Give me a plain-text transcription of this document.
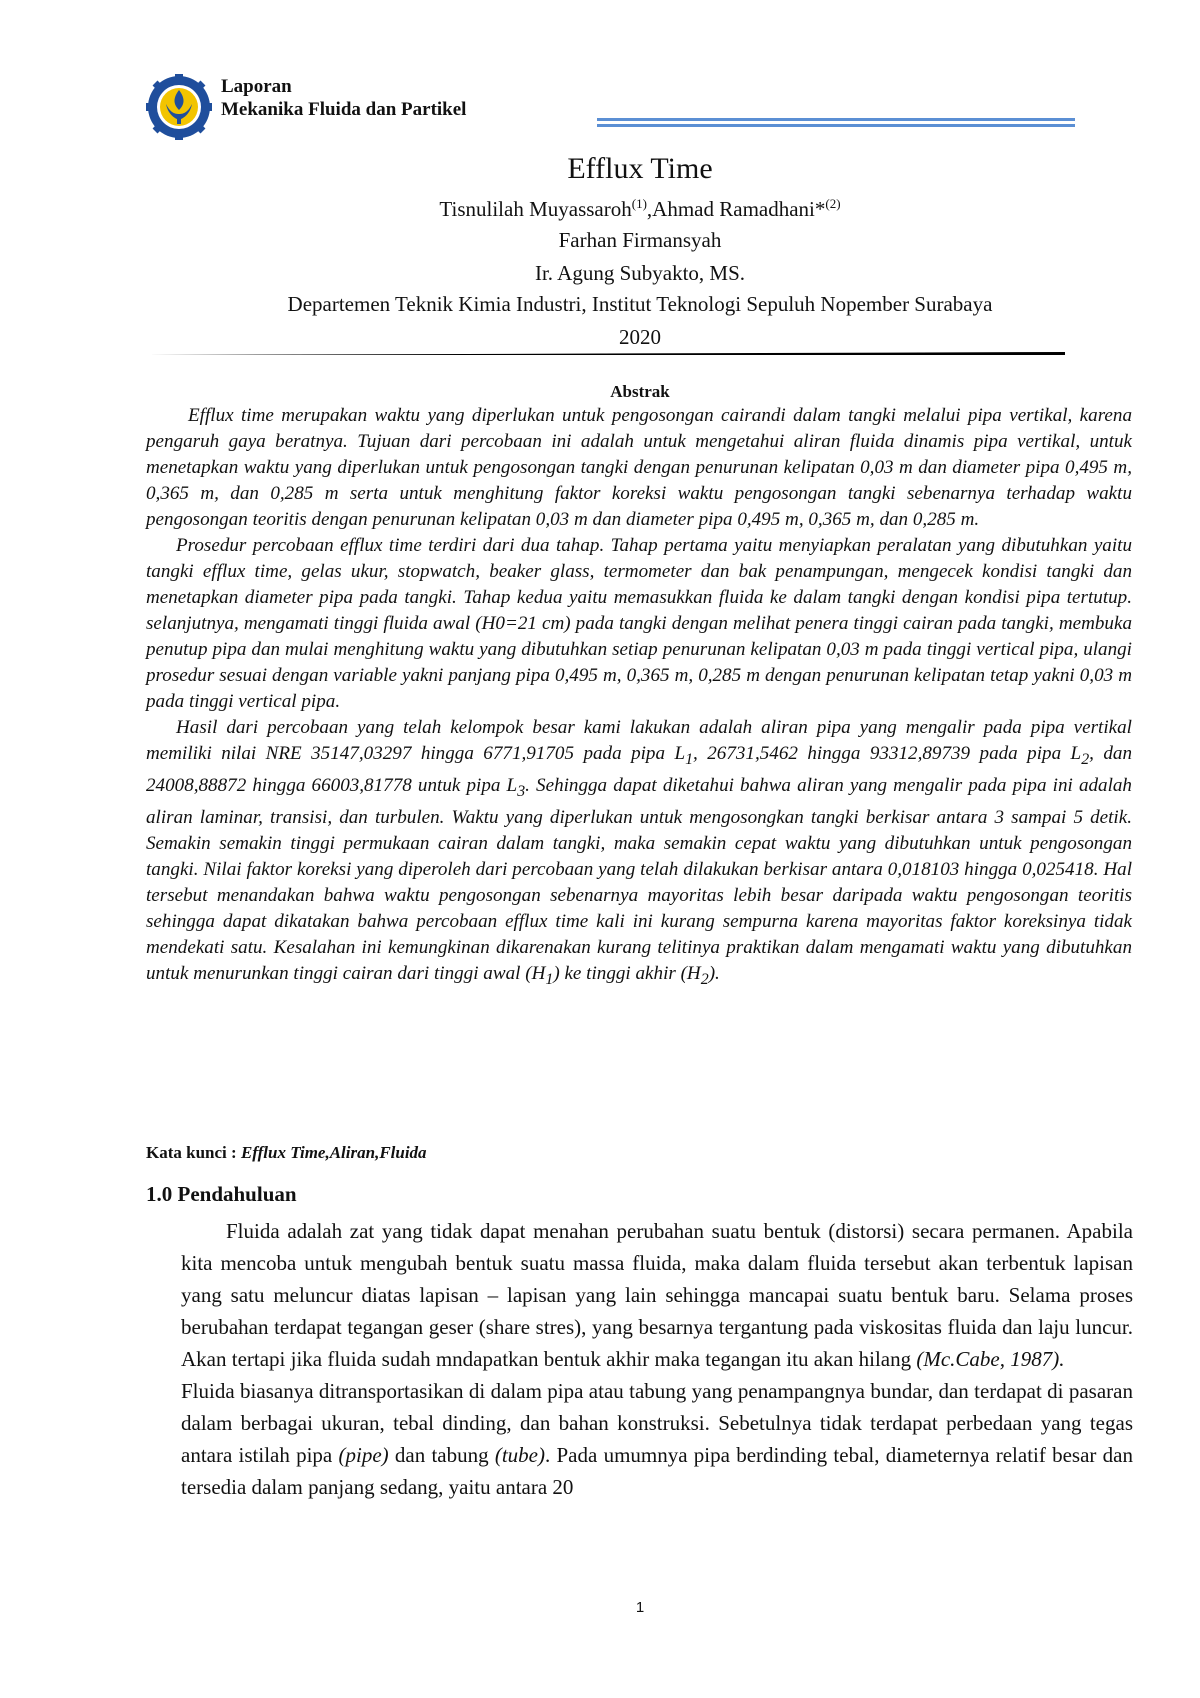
Laporan
Mekanika Fluida dan Partikel
Efflux Time
Tisnulilah Muyassaroh$^{(1)}$,Ahmad Ramadhani*$^{(2)}$
Farhan Firmansyah
Ir. Agung Subyakto, MS.
Departemen Teknik Kimia Industri, Institut Teknologi Sepuluh Nopember Surabaya
2020
Abstrak

Efflux time merupakan waktu yang diperlukan untuk pengosongan cairandi dalam tangki melalui pipa vertikal, karena pengaruh gaya beratnya. Tujuan dari percobaan ini adalah untuk mengetahui aliran fluida dinamis pipa vertikal, untuk menetapkan waktu yang diperlukan untuk pengosongan tangki dengan penurunan kelipatan 0,03 m dan diameter pipa 0,495 m, 0,365 m, dan 0,285 m serta untuk menghitung faktor koreksi waktu pengosongan tangki sebenarnya terhadap waktu pengosongan teoritis dengan penurunan kelipatan 0,03 m dan diameter pipa 0,495 m, 0,365 m, dan 0,285 m.

Prosedur percobaan efflux time terdiri dari dua tahap. Tahap pertama yaitu menyiapkan peralatan yang dibutuhkan yaitu tangki efflux time, gelas ukur, stopwatch, beaker glass, termometer dan bak penampungan, mengecek kondisi tangki dan menetapkan diameter pipa pada tangki. Tahap kedua yaitu memasukkan fluida ke dalam tangki dengan kondisi pipa tertutup. selanjutnya, mengamati tinggi fluida awal (H0=21 cm) pada tangki dengan melihat penera tinggi cairan pada tangki, membuka penutup pipa dan mulai menghitung waktu yang dibutuhkan setiap penurunan kelipatan 0,03 m pada tinggi vertical pipa, ulangi prosedur sesuai dengan variable yakni panjang pipa 0,495 m, 0,365 m, 0,285 m dengan penurunan kelipatan tetap yakni 0,03 m pada tinggi vertical pipa.

Hasil dari percobaan yang telah kelompok besar kami lakukan adalah aliran pipa yang mengalir pada pipa vertikal memiliki nilai NRE 35147,03297 hingga 6771,91705 pada pipa $L_1$, 26731,5462 hingga 93312,89739 pada pipa $L_2$, dan 24008,88872 hingga 66003,81778 untuk pipa $L_3$. Sehingga dapat diketahui bahwa aliran yang mengalir pada pipa ini adalah aliran laminar, transisi, dan turbulen. Waktu yang diperlukan untuk mengosongkan tangki berkisar antara 3 sampai 5 detik. Semakin semakin tinggi permukaan cairan dalam tangki, maka semakin cepat waktu yang dibutuhkan untuk pengosongan tangki. Nilai faktor koreksi yang diperoleh dari percobaan yang telah dilakukan berkisar antara 0,018103 hingga 0,025418. Hal tersebut menandakan bahwa waktu pengosongan sebenarnya mayoritas lebih besar daripada waktu pengosongan teoritis sehingga dapat dikatakan bahwa percobaan efflux time kali ini kurang sempurna karena mayoritas faktor koreksinya tidak mendekati satu. Kesalahan ini kemungkinan dikarenakan kurang telitinya praktikan dalam mengamati waktu yang dibutuhkan untuk menurunkan tinggi cairan dari tinggi awal $(H_1)$ ke tinggi akhir $(H_2)$.

Kata kunci : Efflux Time,Aliran,Fluida
1.0 Pendahuluan

Fluida adalah zat yang tidak dapat menahan perubahan suatu bentuk (distorsi) secara permanen. Apabila kita mencoba untuk mengubah bentuk suatu massa fluida, maka dalam fluida tersebut akan terbentuk lapisan yang satu meluncur diatas lapisan – lapisan yang lain sehingga mancapai suatu bentuk baru. Selama proses berubahan terdapat tegangan geser (share stres), yang besarnya tergantung pada viskositas fluida dan laju luncur. Akan tertapi jika fluida sudah mndapatkan bentuk akhir maka tegangan itu akan hilang (Mc.Cabe, 1987).

Fluida biasanya ditransportasikan di dalam pipa atau tabung yang penampangnya bundar, dan terdapat di pasaran dalam berbagai ukuran, tebal dinding, dan bahan konstruksi. Sebetulnya tidak terdapat perbedaan yang tegas antara istilah pipa (pipe) dan tabung (tube). Pada umumnya pipa berdinding tebal, diameternya relatif besar dan tersedia dalam panjang sedang, yaitu antara 20

1
